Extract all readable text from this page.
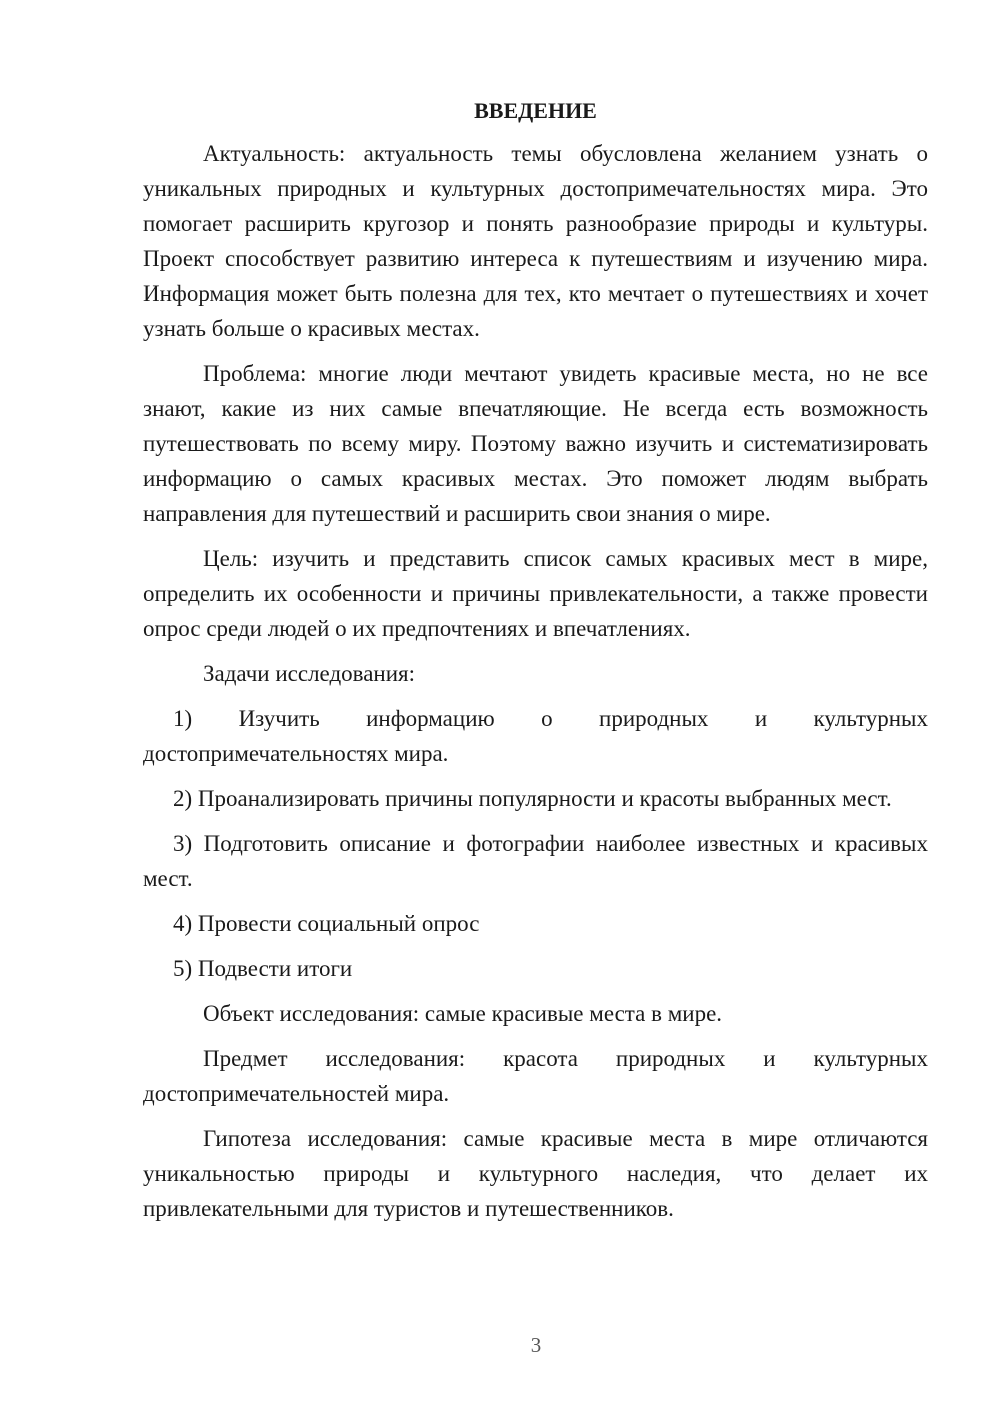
ВВЕДЕНИЕ

Актуальность: актуальность темы обусловлена желанием узнать о уникальных природных и культурных достопримечательностях мира. Это помогает расширить кругозор и понять разнообразие природы и культуры. Проект способствует развитию интереса к путешествиям и изучению мира. Информация может быть полезна для тех, кто мечтает о путешествиях и хочет узнать больше о красивых местах.

Проблема: многие люди мечтают увидеть красивые места, но не все знают, какие из них самые впечатляющие. Не всегда есть возможность путешествовать по всему миру. Поэтому важно изучить и систематизировать информацию о самых красивых местах. Это поможет людям выбрать направления для путешествий и расширить свои знания о мире.

Цель: изучить и представить список самых красивых мест в мире, определить их особенности и причины привлекательности, а также провести опрос среди людей о их предпочтениях и впечатлениях.

Задачи исследования:

1) Изучить информацию о природных и культурных достопримечательностях мира.

2) Проанализировать причины популярности и красоты выбранных мест.

3) Подготовить описание и фотографии наиболее известных и красивых мест.

4) Провести социальный опрос

5) Подвести итоги

Объект исследования: самые красивые места в мире.

Предмет исследования: красота природных и культурных достопримечательностей мира.

Гипотеза исследования: самые красивые места в мире отличаются уникальностью природы и культурного наследия, что делает их привлекательными для туристов и путешественников.

3
